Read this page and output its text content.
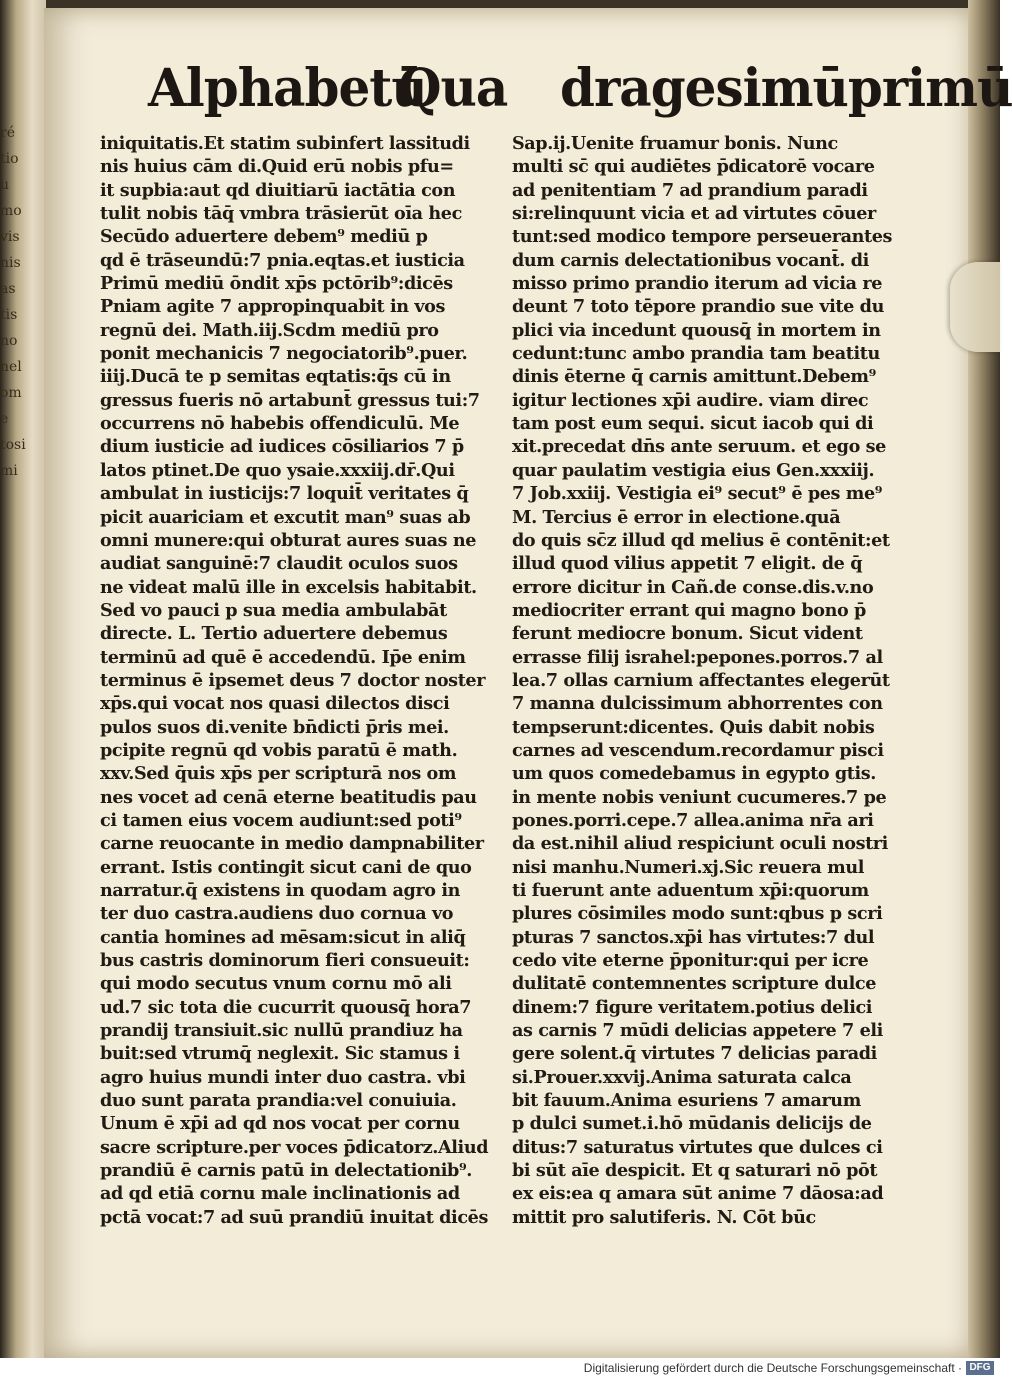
ré
tio
u
mo
vis
nis
as
tis
no
nel
om
e
tosi
mi
Alphabetū
Qua dragesimūprimū
iniquitatis.Et statim subinfert lassitudi
nis huius cām di.Quid erū nobis pfu=
it supbia:aut qd diuitiarū iactātia con
tulit nobis tāq̄ vmbra trāsierūt oīa hec
Secūdo aduertere debem⁹ mediū p
qd ē trāseundū:7 pnia.eqtas.et iusticia
Primū mediū ōndit xp̄s pctōrib⁹:dicēs
Pniam agite 7 appropinquabit in vos
regnū dei. Math.iij.Scdm mediū pro
ponit mechanicis 7 negociatorib⁹.puer.
iiij.Ducā te p semitas eqtatis:q̄s cū in
gressus fueris nō artabunt̄ gressus tui:7
occurrens nō habebis offendiculū. Me
dium iusticie ad iudices cōsiliarios 7 p̄
latos ptinet.De quo ysaie.xxxiij.dr̄.Qui
ambulat in iusticijs:7 loquit̄ veritates q̄
picit auariciam et excutit man⁹ suas ab
omni munere:qui obturat aures suas ne
audiat sanguinē:7 claudit oculos suos
ne videat malū ille in excelsis habitabit.
Sed vo pauci p sua media ambulabāt
directe. L. Tertio aduertere debemus
terminū ad quē ē accedendū. Ip̄e enim
terminus ē ipsemet deus 7 doctor noster
xp̄s.qui vocat nos quasi dilectos disci
pulos suos di.venite bn̄dicti p̄ris mei.
pcipite regnū qd vobis paratū ē math.
xxv.Sed q̄uis xp̄s per scripturā nos om
nes vocet ad cenā eterne beatitudis pau
ci tamen eius vocem audiunt:sed poti⁹
carne reuocante in medio dampnabiliter
errant. Istis contingit sicut cani de quo
narratur.q̄ existens in quodam agro in
ter duo castra.audiens duo cornua vo
cantia homines ad mēsam:sicut in aliq̄
bus castris dominorum fieri consueuit:
qui modo secutus vnum cornu mō ali
ud.7 sic tota die cucurrit quousq̄ hora7
prandij transiuit.sic nullū prandiuz ha
buit:sed vtrumq̄ neglexit. Sic stamus i
agro huius mundi inter duo castra. vbi
duo sunt parata prandia:vel conuiuia.
Unum ē xp̄i ad qd nos vocat per cornu
sacre scripture.per voces p̄dicatorz.Aliud
prandiū ē carnis patū in delectationib⁹.
ad qd etiā cornu male inclinationis ad
pctā vocat:7 ad suū prandiū inuitat dicēs
Sap.ij.Uenite fruamur bonis. Nunc
multi sc̄ qui audiētes p̄dicatorē vocare
ad penitentiam 7 ad prandium paradi
si:relinquunt vicia et ad virtutes cōuer
tunt:sed modico tempore perseuerantes
dum carnis delectationibus vocant̄. di
misso primo prandio iterum ad vicia re
deunt 7 toto tēpore prandio sue vite du
plici via incedunt quousq̄ in mortem in
cedunt:tunc ambo prandia tam beatitu
dinis ēterne q̄ carnis amittunt.Debem⁹
igitur lectiones xp̄i audire. viam direc
tam post eum sequi. sicut iacob qui di
xit.precedat dn̄s ante seruum. et ego se
quar paulatim vestigia eius Gen.xxxiij.
7 Job.xxiij. Vestigia ei⁹ secut⁹ ē pes me⁹
M. Tercius ē error in electione.quā
do quis sc̄z illud qd melius ē contēnit:et
illud quod vilius appetit 7 eligit. de q̄
errore dicitur in Cañ.de conse.dis.v.no
mediocriter errant qui magno bono p̄
ferunt mediocre bonum. Sicut vident
errasse filij israhel:pepones.porros.7 al
lea.7 ollas carnium affectantes elegerūt
7 manna dulcissimum abhorrentes con
tempserunt:dicentes. Quis dabit nobis
carnes ad vescendum.recordamur pisci
um quos comedebamus in egypto gtis.
in mente nobis veniunt cucumeres.7 pe
pones.porri.cepe.7 allea.anima nr̄a ari
da est.nihil aliud respiciunt oculi nostri
nisi manhu.Numeri.xj.Sic reuera mul
ti fuerunt ante aduentum xp̄i:quorum
plures cōsimiles modo sunt:qbus p scri
pturas 7 sanctos.xp̄i has virtutes:7 dul
cedo vite eterne p̄ponitur:qui per icre
dulitatē contemnentes scripture dulce
dinem:7 figure veritatem.potius delici
as carnis 7 mūdi delicias appetere 7 eli
gere solent.q̄ virtutes 7 delicias paradi
si.Prouer.xxvij.Anima saturata calca
bit fauum.Anima esuriens 7 amarum
p dulci sumet.i.hō mūdanis delicijs de
ditus:7 saturatus virtutes que dulces ci
bi sūt aīe despicit. Et q saturari nō pōt
ex eis:ea q amara sūt anime 7 dāosa:ad
mittit pro salutiferis. N. Cōt būc
Digitalisierung gefördert durch die Deutsche Forschungsgemeinschaft · DFG
